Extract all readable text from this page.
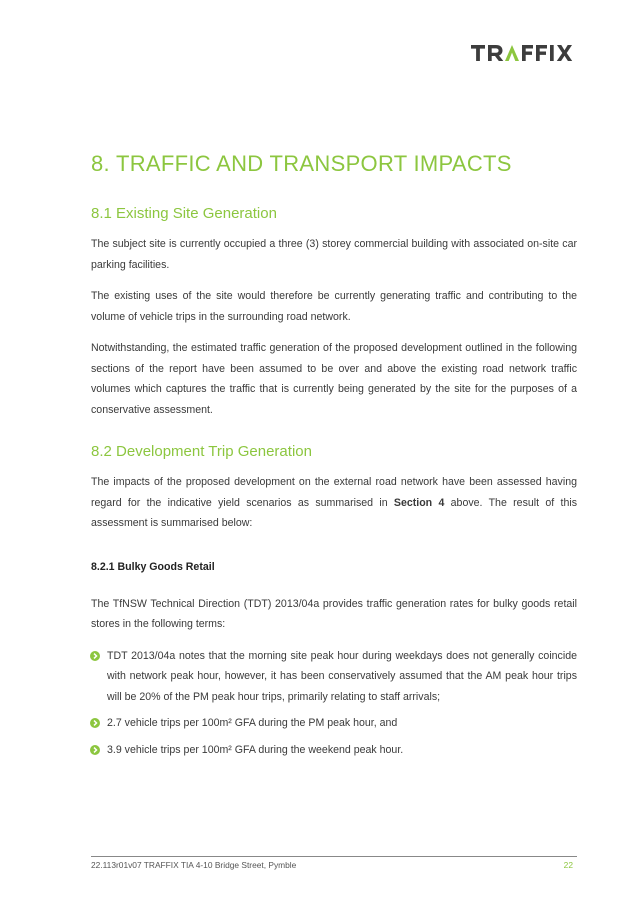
8. TRAFFIC AND TRANSPORT IMPACTS
8.1 Existing Site Generation

The subject site is currently occupied a three (3) storey commercial building with associated on-site car parking facilities.

The existing uses of the site would therefore be currently generating traffic and contributing to the volume of vehicle trips in the surrounding road network.

Notwithstanding, the estimated traffic generation of the proposed development outlined in the following sections of the report have been assumed to be over and above the existing road network traffic volumes which captures the traffic that is currently being generated by the site for the purposes of a conservative assessment.

8.2 Development Trip Generation

The impacts of the proposed development on the external road network have been assessed having regard for the indicative yield scenarios as summarised in Section 4 above. The result of this assessment is summarised below:

8.2.1 Bulky Goods Retail

The TfNSW Technical Direction (TDT) 2013/04a provides traffic generation rates for bulky goods retail stores in the following terms:

TDT 2013/04a notes that the morning site peak hour during weekdays does not generally coincide with network peak hour, however, it has been conservatively assumed that the AM peak hour trips will be 20% of the PM peak hour trips, primarily relating to staff arrivals;
2.7 vehicle trips per 100m² GFA during the PM peak hour, and
3.9 vehicle trips per 100m² GFA during the weekend peak hour.
22.113r01v07 TRAFFIX TIA 4-10 Bridge Street, Pymble	22
